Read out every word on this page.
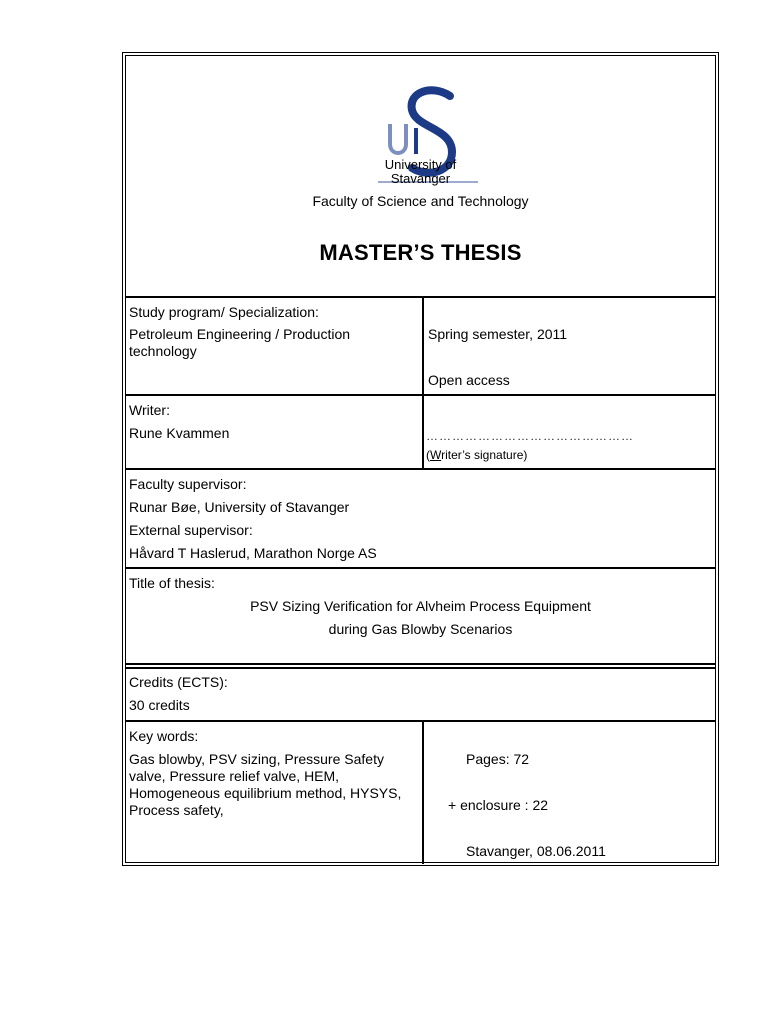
University of
Stavanger
Faculty of Science and Technology
MASTER’S THESIS
Study program/ Specialization:
Petroleum Engineering / Production technology
Spring semester, 2011
Open access
Writer:
Rune Kvammen	…………………………………………
(Writer’s signature)
Faculty supervisor:
Runar Bøe, University of Stavanger
External supervisor:
Håvard T Haslerud, Marathon Norge AS
Title of thesis:
PSV Sizing Verification for Alvheim Process Equipment
during Gas Blowby Scenarios
Credits (ECTS):
30 credits
Key words:
Gas blowby, PSV sizing, Pressure Safety valve, Pressure relief valve, HEM, Homogeneous equilibrium method, HYSYS, Process safety,
Pages: 72
+ enclosure : 22
Stavanger, 08.06.2011
